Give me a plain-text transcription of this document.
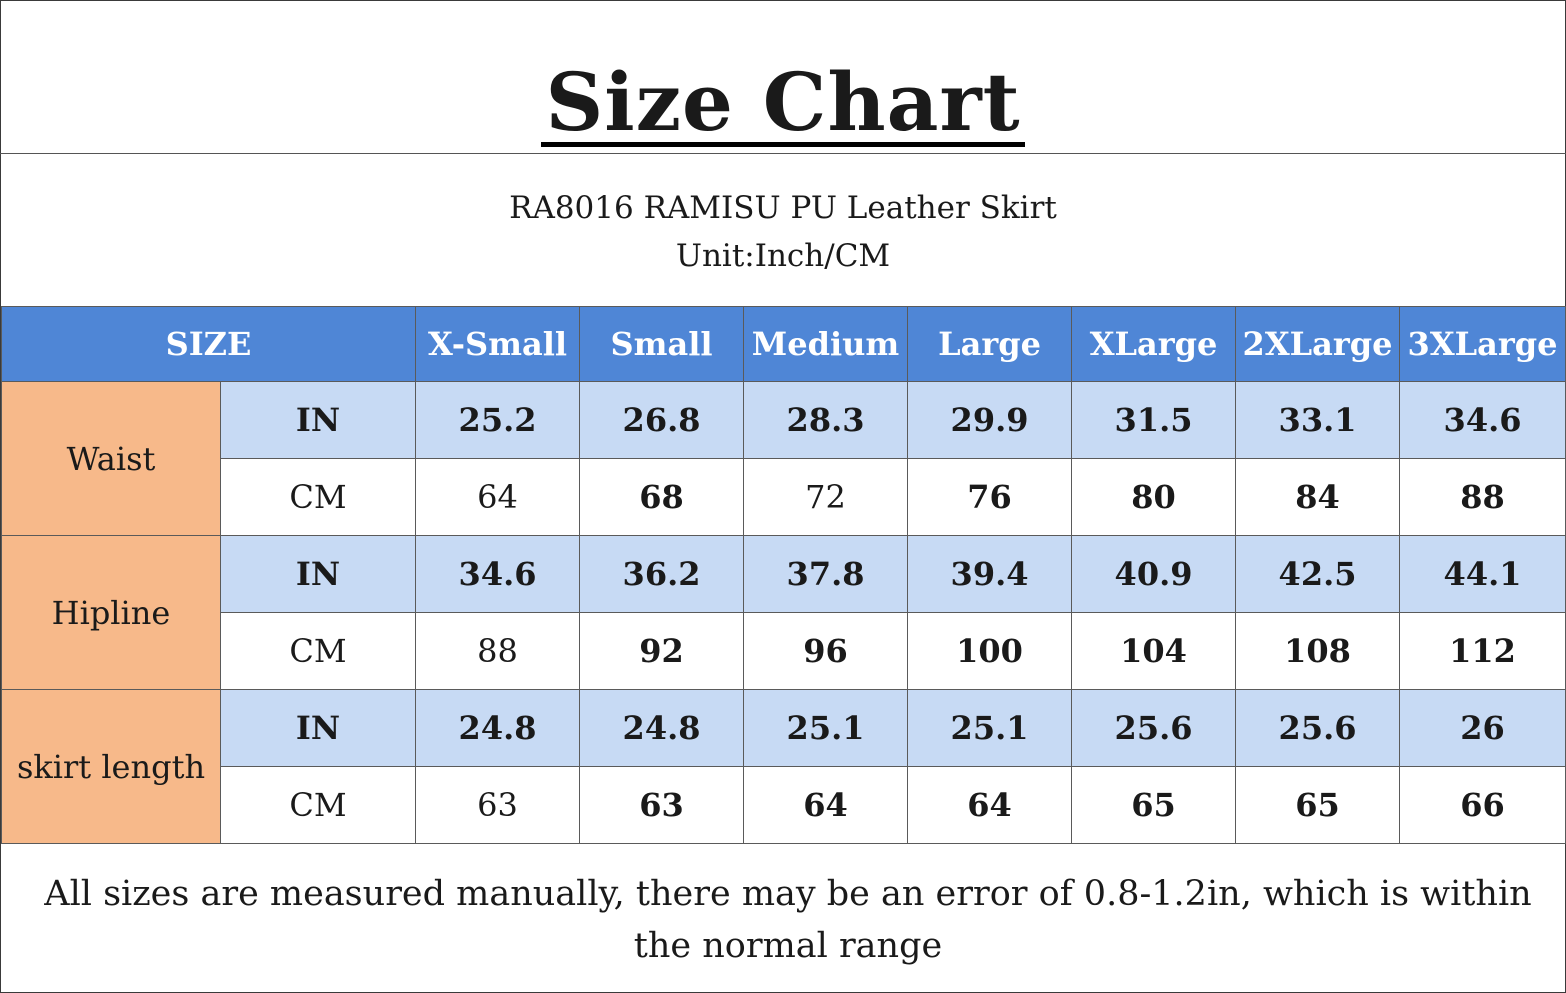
Size Chart
RA8016 RAMISU PU Leather Skirt
Unit:Inch/CM
SIZE		X-Small	Small	Medium	Large	XLarge	2XLarge	3XLarge
Waist	IN	25.2	26.8	28.3	29.9	31.5	33.1	34.6
	CM	64	68	72	76	80	84	88
Hipline	IN	34.6	36.2	37.8	39.4	40.9	42.5	44.1
	CM	88	92	96	100	104	108	112
skirt length	IN	24.8	24.8	25.1	25.1	25.6	25.6	26
	CM	63	63	64	64	65	65	66
All sizes are measured manually, there may be an error of 0.8-1.2in, which is within the normal range
